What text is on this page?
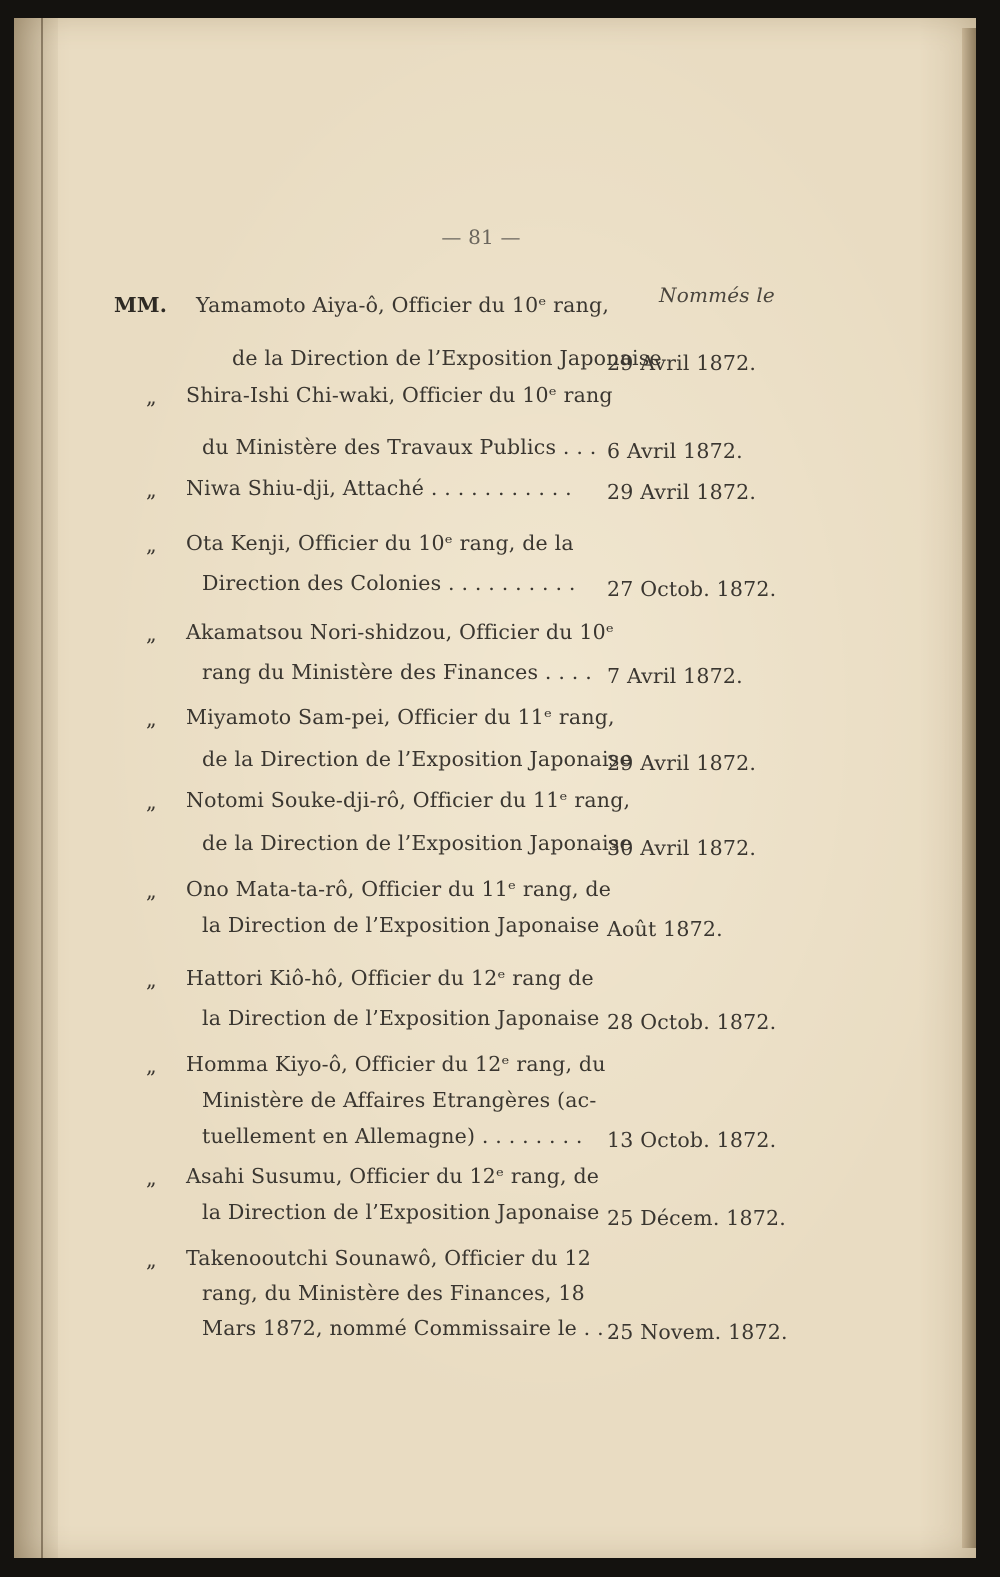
— 81 —
Nommés le
MM. Yamamoto Aiya-ô, Officier du 10ᵉ rang,
de la Direction de l’Exposition Japonaise
29 Avril 1872.
„ Shira-Ishi Chi-waki, Officier du 10ᵉ rang
du Ministère des Travaux Publics . . . 6 Avril 1872.
„ Niwa Shiu-dji, Attaché . . . . . . . . . . . 29 Avril 1872.
„ Ota Kenji, Officier du 10ᵉ rang, de la
Direction des Colonies . . . . . . . . . . 27 Octob. 1872.
„ Akamatsou Nori-shidzou, Officier du 10ᵉ
rang du Ministère des Finances . . . . 7 Avril 1872.
„ Miyamoto Sam-pei, Officier du 11ᵉ rang,
de la Direction de l’Exposition Japonaise
29 Avril 1872.
„ Notomi Souke-dji-rô, Officier du 11ᵉ rang,
de la Direction de l’Exposition Japonaise
30 Avril 1872.
„ Ono Mata-ta-rô, Officier du 11ᵉ rang, de
la Direction de l’Exposition Japonaise Août 1872.
„ Hattori Kiô-hô, Officier du 12ᵉ rang de
la Direction de l’Exposition Japonaise 28 Octob. 1872.
„ Homma Kiyo-ô, Officier du 12ᵉ rang, du
Ministère de Affaires Etrangères (ac-
tuellement en Allemagne) . . . . . . . . 13 Octob. 1872.
„ Asahi Susumu, Officier du 12ᵉ rang, de
la Direction de l’Exposition Japonaise 25 Décem. 1872.
„ Takenooutchi Sounawô, Officier du 12
rang, du Ministère des Finances, 18
Mars 1872, nommé Commissaire le . . .
25 Novem. 1872.
